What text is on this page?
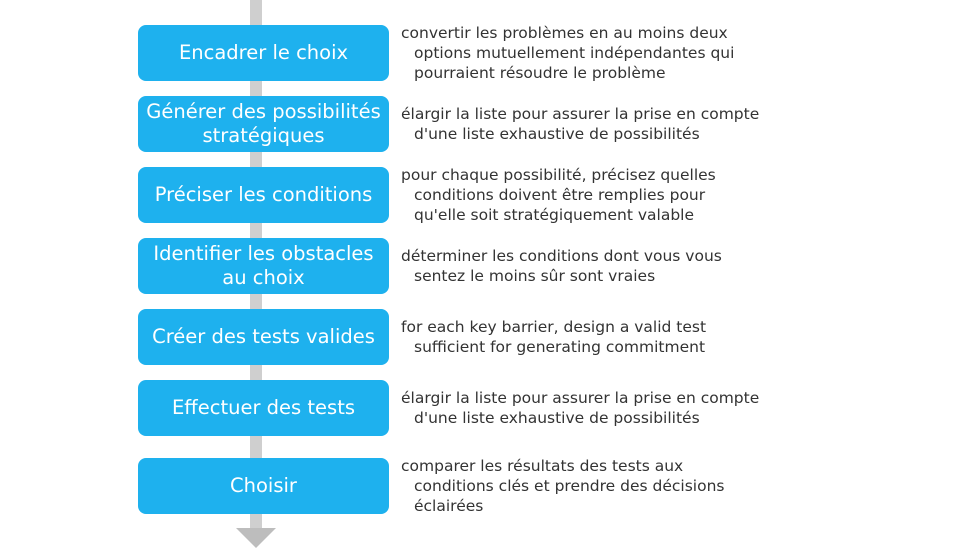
Encadrer le choix
convertir les problèmes en au moins deux
options mutuellement indépendantes qui
pourraient résoudre le problème
Générer des possibilités
stratégiques
élargir la liste pour assurer la prise en compte
d'une liste exhaustive de possibilités
Préciser les conditions
pour chaque possibilité, précisez quelles
conditions doivent être remplies pour
qu'elle soit stratégiquement valable
Identifier les obstacles
au choix
déterminer les conditions dont vous vous
sentez le moins sûr sont vraies
Créer des tests valides for each key barrier, design a valid test
sufficient for generating commitment
Effectuer des tests	élargir la liste pour assurer la prise en compte
d'une liste exhaustive de possibilités
Choisir
comparer les résultats des tests aux
conditions clés et prendre des décisions
éclairées
